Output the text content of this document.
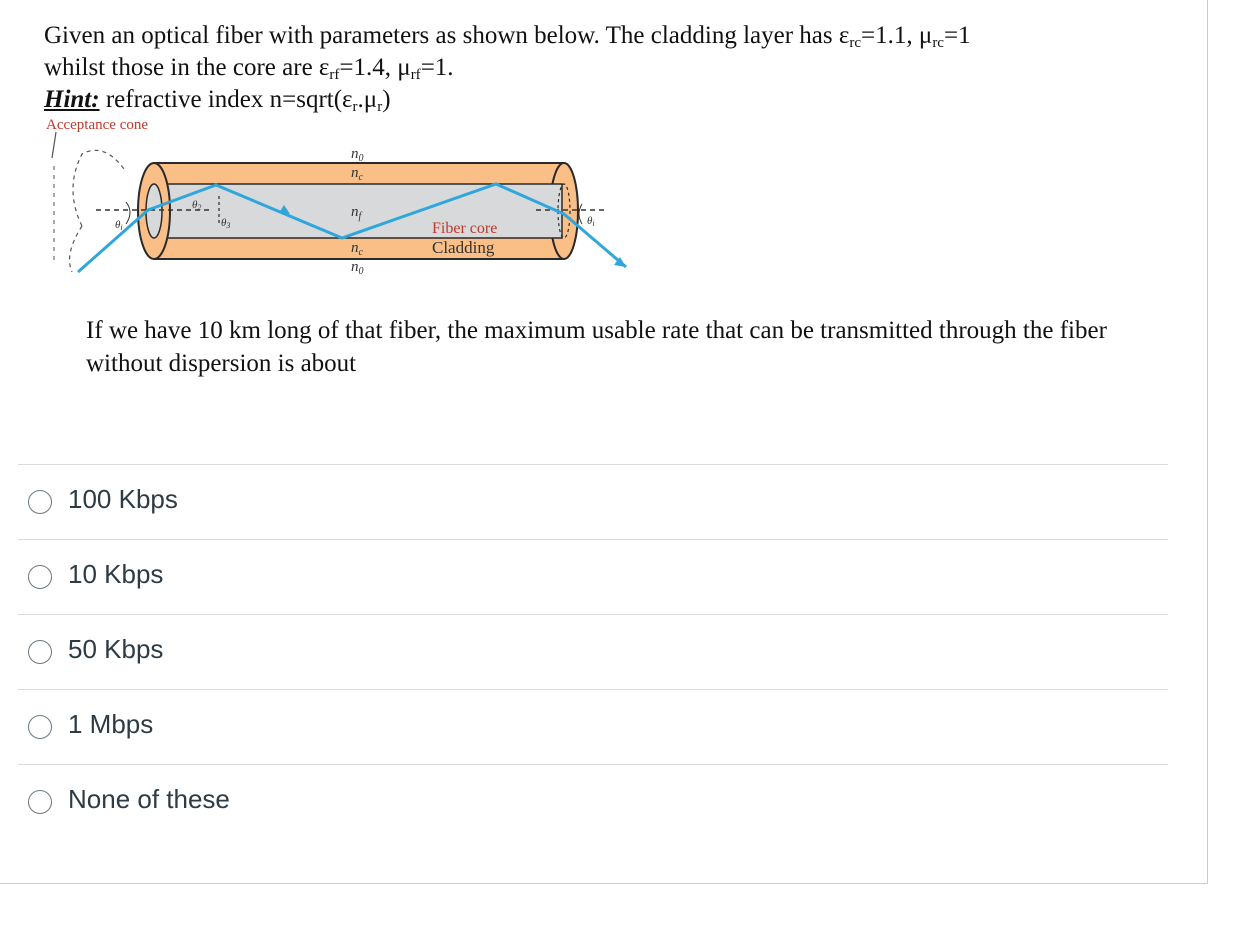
Given an optical fiber with parameters as shown below. The cladding layer has $\varepsilon_{rc}=1.1$, $\mu_{rc}=1$
whilst those in the core are $\varepsilon_{rf}=1.4$, $\mu_{rf}=1$.
Hint: refractive index $n=sqrt(\varepsilon_r.\mu_r)$
Acceptance cone
$n_0$
$n_c$
$n_f$
$n_c$
$n_0$
Fiber core
Cladding
θi
θ2
θ3	θi
If we have 10 km long of that fiber, the maximum usable rate that can be transmitted through the fiber without dispersion is about
100 Kbps
10 Kbps
50 Kbps
1 Mbps
None of these
